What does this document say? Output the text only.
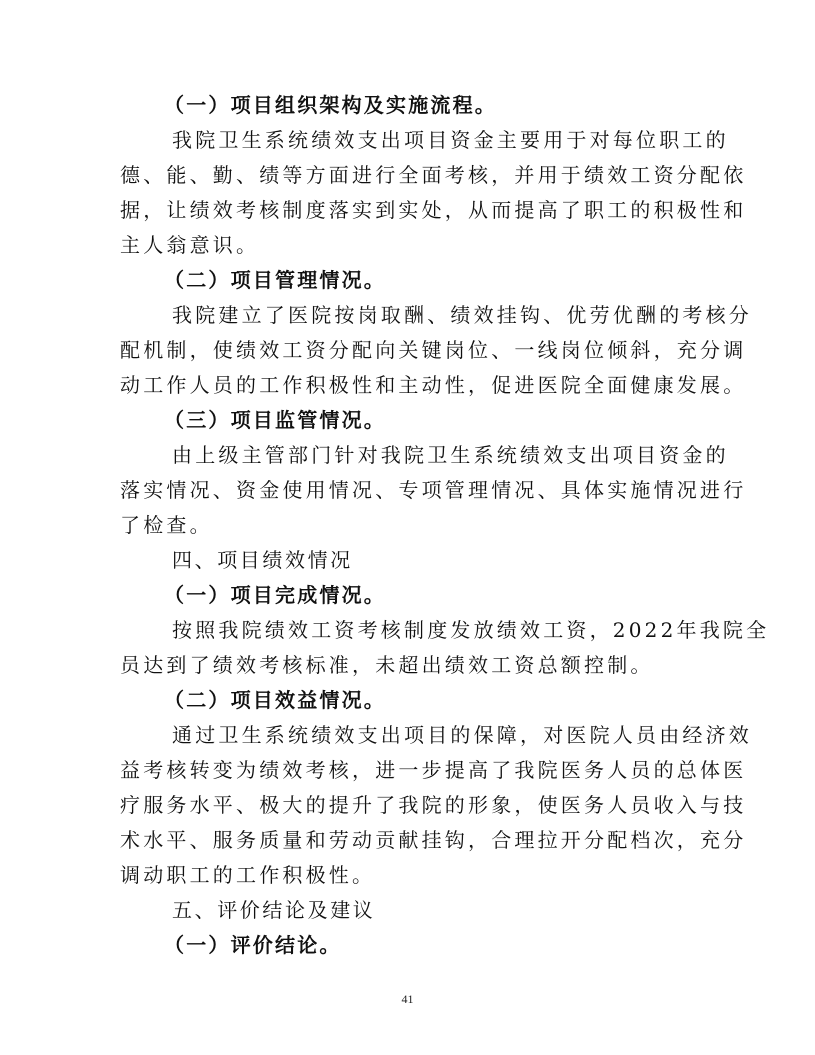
（一）项目组织架构及实施流程。
我院卫生系统绩效支出项目资金主要用于对每位职工的
德、能、勤、绩等方面进行全面考核，并用于绩效工资分配依
据，让绩效考核制度落实到实处，从而提高了职工的积极性和
主人翁意识。
（二）项目管理情况。
我院建立了医院按岗取酬、绩效挂钩、优劳优酬的考核分
配机制，使绩效工资分配向关键岗位、一线岗位倾斜，充分调
动工作人员的工作积极性和主动性，促进医院全面健康发展。
（三）项目监管情况。
由上级主管部门针对我院卫生系统绩效支出项目资金的
落实情况、资金使用情况、专项管理情况、具体实施情况进行
了检查。
四、项目绩效情况
（一）项目完成情况。
按照我院绩效工资考核制度发放绩效工资，2022年我院全
员达到了绩效考核标准，未超出绩效工资总额控制。
（二）项目效益情况。
通过卫生系统绩效支出项目的保障，对医院人员由经济效
益考核转变为绩效考核，进一步提高了我院医务人员的总体医
疗服务水平、极大的提升了我院的形象，使医务人员收入与技
术水平、服务质量和劳动贡献挂钩，合理拉开分配档次，充分
调动职工的工作积极性。
五、评价结论及建议
（一）评价结论。
41
